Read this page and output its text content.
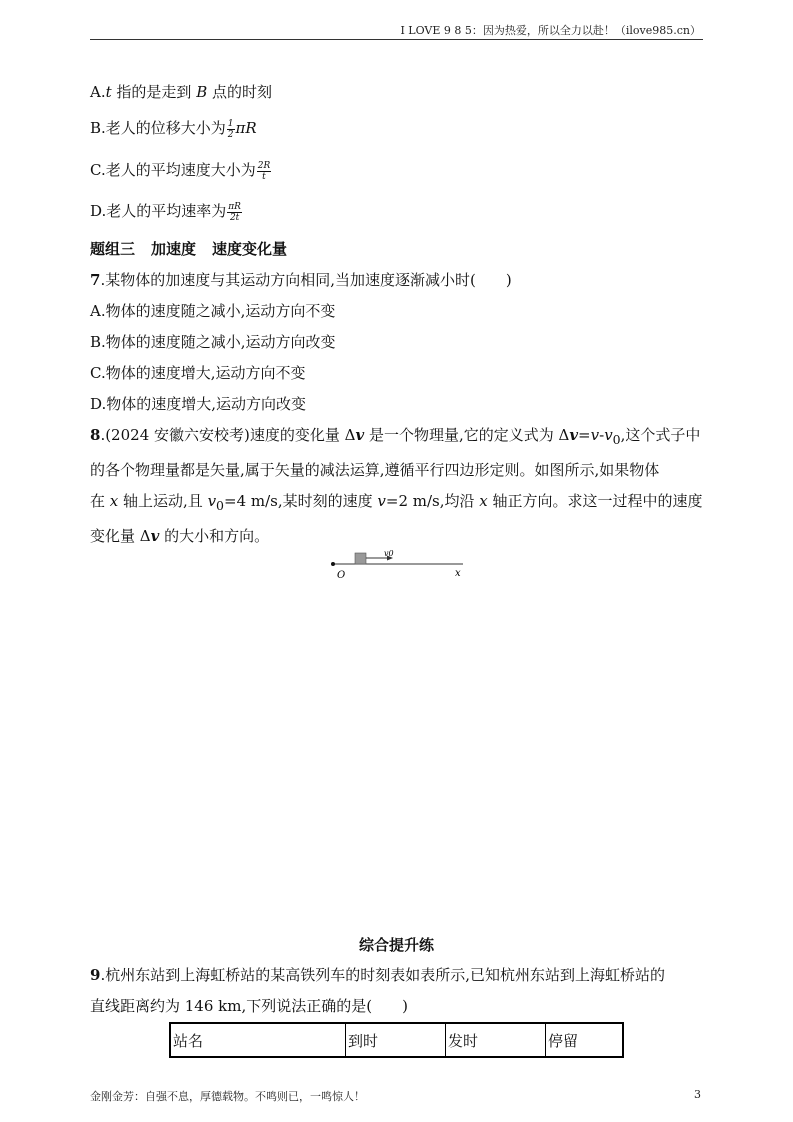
I LOVE 9 8 5：因为热爱，所以全力以赴！（ilove985.cn）
A.t 指的是走到 B 点的时刻
B.老人的位移大小为 $\frac{1}{2}$ πR
C.老人的平均速度大小为 $\frac{2R}{t}$
D.老人的平均速率为 $\frac{\pi R}{2t}$
题组三 加速度 速度变化量
7.某物体的加速度与其运动方向相同,当加速度逐渐减小时(　　)
A.物体的速度随之减小,运动方向不变
B.物体的速度随之减小,运动方向改变
C.物体的速度增大,运动方向不变
D.物体的速度增大,运动方向改变
8.(2024 安徽六安校考)速度的变化量 Δv 是一个物理量,它的定义式为 $\Delta v=v-v_0$,这个式子中
的各个物理量都是矢量,属于矢量的减法运算,遵循平行四边形定则。如图所示,如果物体
在 x 轴上运动,且 $v_0=4$ m/s,某时刻的速度 v=2 m/s,均沿 x 轴正方向。求这一过程中的速度
变化量 Δv 的大小和方向。
v0
O	x
综合提升练
9.杭州东站到上海虹桥站的某高铁列车的时刻表如表所示,已知杭州东站到上海虹桥站的
直线距离约为 146 km,下列说法正确的是(　　)
站名	到时	发时	停留
金刚金芳：自强不息，厚德载物。不鸣则已，一鸣惊人！	3
